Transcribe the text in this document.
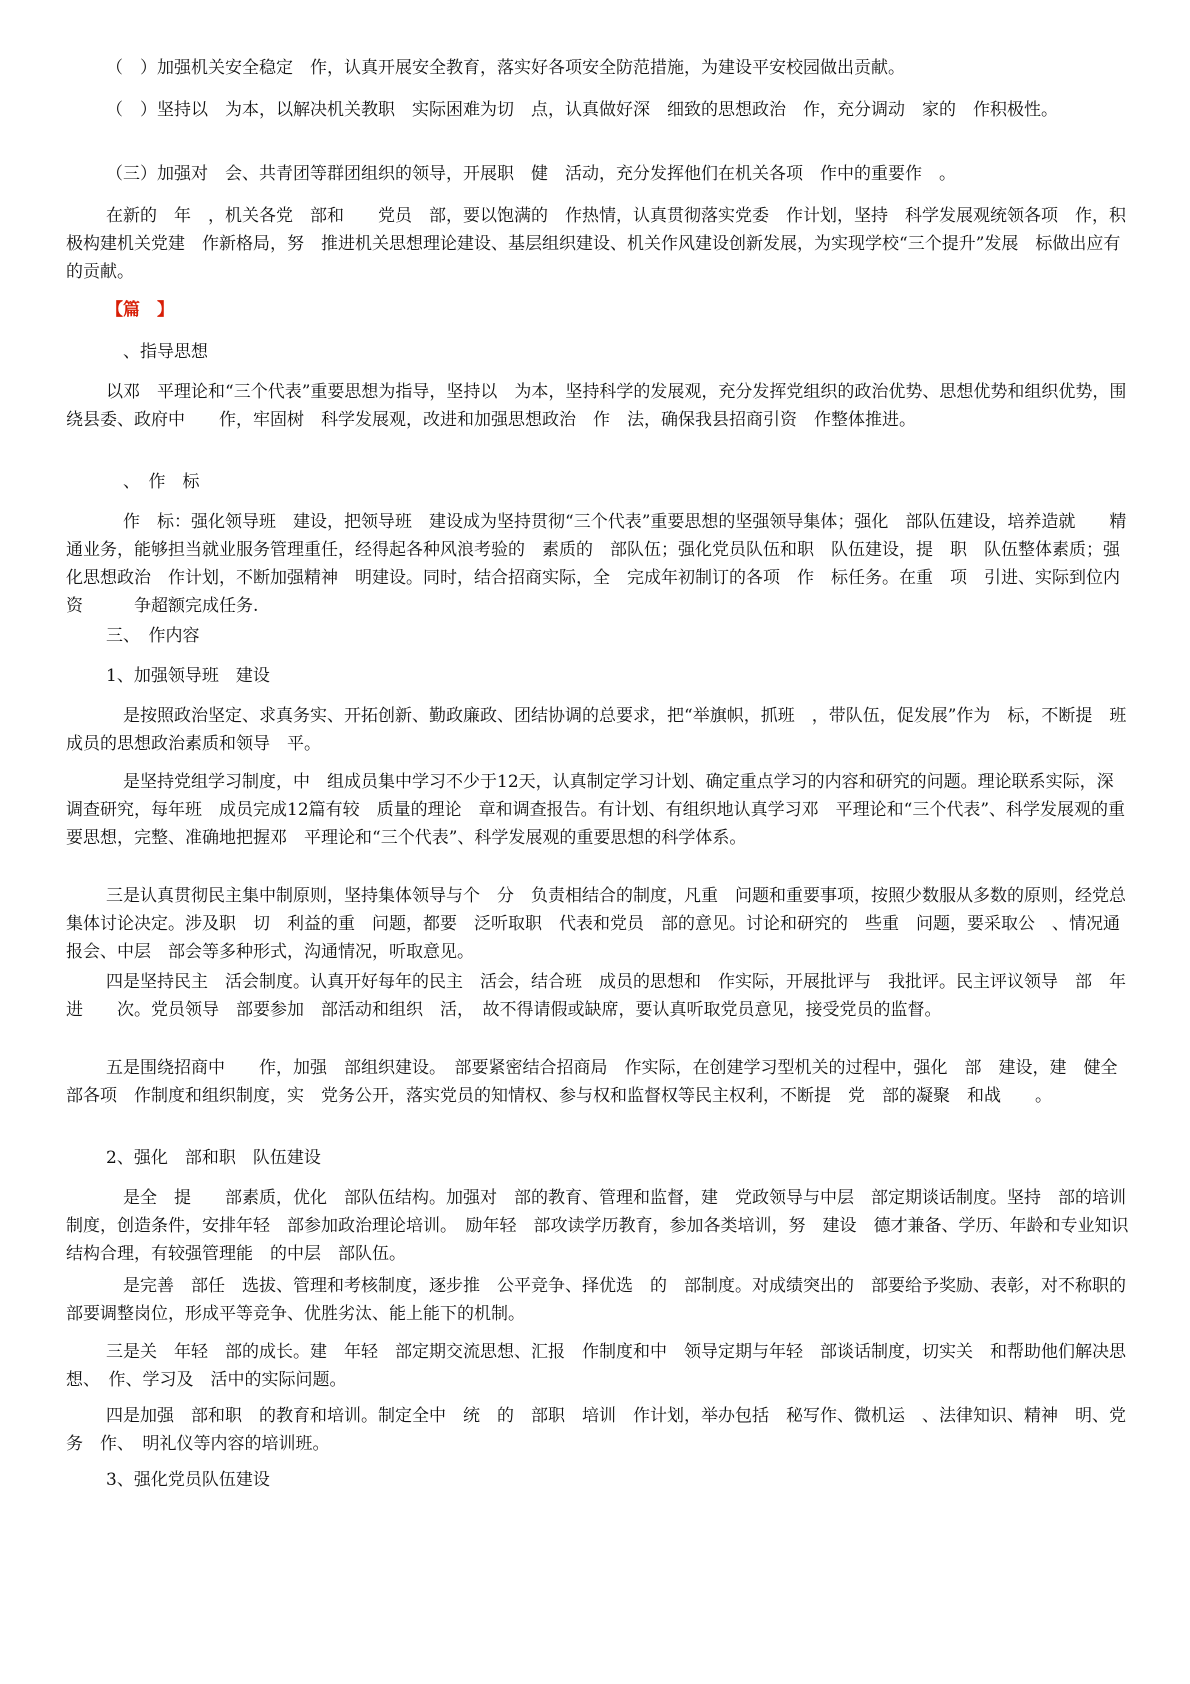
（　）加强机关安全稳定　作，认真开展安全教育，落实好各项安全防范措施，为建设平安校园做出贡献。

（　）坚持以　为本，以解决机关教职　实际困难为切　点，认真做好深　细致的思想政治　作，充分调动　家的　作积极性。

（三）加强对　会、共青团等群团组织的领导，开展职　健　活动，充分发挥他们在机关各项　作中的重要作　。

在新的　年　，机关各党　部和　　党员　部，要以饱满的　作热情，认真贯彻落实党委　作计划，坚持　科学发展观统领各项　作，积极构建机关党建　作新格局，努　推进机关思想理论建设、基层组织建设、机关作风建设创新发展，为实现学校“三个提升”发展　标做出应有的贡献。

【篇　】

　、指导思想

以邓　平理论和“三个代表”重要思想为指导，坚持以　为本，坚持科学的发展观，充分发挥党组织的政治优势、思想优势和组织优势，围绕县委、政府中　　作，牢固树　科学发展观，改进和加强思想政治　作　法，确保我县招商引资　作整体推进。

　、　作　标

　作　标：强化领导班　建设，把领导班　建设成为坚持贯彻“三个代表”重要思想的坚强领导集体；强化　部队伍建设，培养造就　　精通业务，能够担当就业服务管理重任，经得起各种风浪考验的　素质的　部队伍；强化党员队伍和职　队伍建设，提　职　队伍整体素质；强化思想政治　作计划，不断加强精神　明建设。同时，结合招商实际，全　完成年初制订的各项　作　标任务。在重　项　引进、实际到位内资　　　争超额完成任务.

三、　作内容

1、加强领导班　建设

　是按照政治坚定、求真务实、开拓创新、勤政廉政、团结协调的总要求，把“举旗帜，抓班　，带队伍，促发展”作为　标，不断提　班　成员的思想政治素质和领导　平。

　是坚持党组学习制度，中　组成员集中学习不少于12天，认真制定学习计划、确定重点学习的内容和研究的问题。理论联系实际，深　调查研究，每年班　成员完成12篇有较　质量的理论　章和调查报告。有计划、有组织地认真学习邓　平理论和“三个代表”、科学发展观的重要思想，完整、准确地把握邓　平理论和“三个代表”、科学发展观的重要思想的科学体系。

三是认真贯彻民主集中制原则，坚持集体领导与个　分　负责相结合的制度，凡重　问题和重要事项，按照少数服从多数的原则，经党总　集体讨论决定。涉及职　切　利益的重　问题，都要　泛听取职　代表和党员　部的意见。讨论和研究的　些重　问题，要采取公　、情况通报会、中层　部会等多种形式，沟通情况，听取意见。

四是坚持民主　活会制度。认真开好每年的民主　活会，结合班　成员的思想和　作实际，开展批评与　我批评。民主评议领导　部　年进　　次。党员领导　部要参加　部活动和组织　活，　故不得请假或缺席，要认真听取党员意见，接受党员的监督。

五是围绕招商中　　作，加强　部组织建设。　部要紧密结合招商局　作实际，在创建学习型机关的过程中，强化　部　建设，建　健全　部各项　作制度和组织制度，实　党务公开，落实党员的知情权、参与权和监督权等民主权利，不断提　党　部的凝聚　和战　　。

2、强化　部和职　队伍建设

　是全　提　　部素质，优化　部队伍结构。加强对　部的教育、管理和监督，建　党政领导与中层　部定期谈话制度。坚持　部的培训制度，创造条件，安排年轻　部参加政治理论培训。　励年轻　部攻读学历教育，参加各类培训，努　建设　德才兼备、学历、年龄和专业知识结构合理，有较强管理能　的中层　部队伍。

　是完善　部任　选拔、管理和考核制度，逐步推　公平竞争、择优选　的　部制度。对成绩突出的　部要给予奖励、表彰，对不称职的　部要调整岗位，形成平等竞争、优胜劣汰、能上能下的机制。

三是关　年轻　部的成长。建　年轻　部定期交流思想、汇报　作制度和中　领导定期与年轻　部谈话制度，切实关　和帮助他们解决思想、　作、学习及　活中的实际问题。

四是加强　部和职　的教育和培训。制定全中　统　的　部职　培训　作计划，举办包括　秘写作、微机运　、法律知识、精神　明、党务　作、　明礼仪等内容的培训班。

3、强化党员队伍建设
